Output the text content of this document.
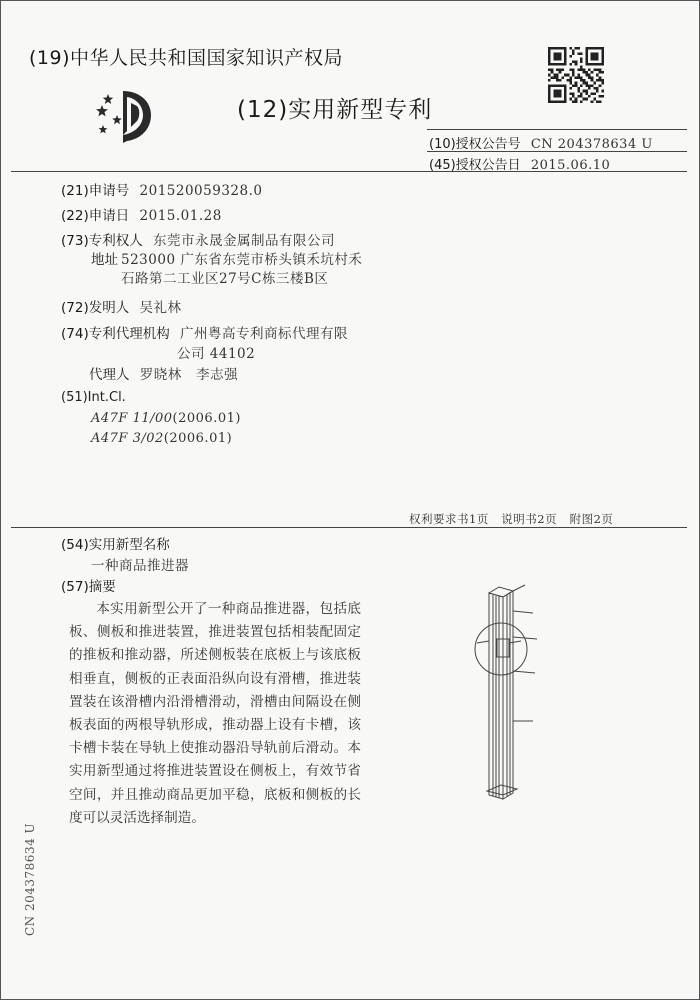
(19)中华人民共和国国家知识产权局
(12)实用新型专利
(10)授权公告号 CN 204378634 U
(45)授权公告日 2015.06.10
(21)申请号 201520059328.0
(22)申请日 2015.01.28
(73)专利权人 东莞市永晟金属制品有限公司
地址 523000 广东省东莞市桥头镇禾坑村禾
石路第二工业区27号C栋三楼B区
(72)发明人 吴礼林
(74)专利代理机构 广州粤高专利商标代理有限
公司 44102
代理人 罗晓林   李志强
(51)Int.Cl.
A47F 11/00(2006.01)
A47F 3/02(2006.01)
权利要求书1页   说明书2页   附图2页
(54)实用新型名称
一种商品推进器
(57)摘要
本实用新型公开了一种商品推进器，包括底板、侧板和推进装置，推进装置包括相装配固定的推板和推动器，所述侧板装在底板上与该底板相垂直，侧板的正表面沿纵向设有滑槽，推进装置装在该滑槽内沿滑槽滑动，滑槽由间隔设在侧板表面的两根导轨形成，推动器上设有卡槽，该卡槽卡装在导轨上使推动器沿导轨前后滑动。本实用新型通过将推进装置设在侧板上，有效节省空间，并且推动商品更加平稳，底板和侧板的长度可以灵活选择制造。
CN 204378634 U
